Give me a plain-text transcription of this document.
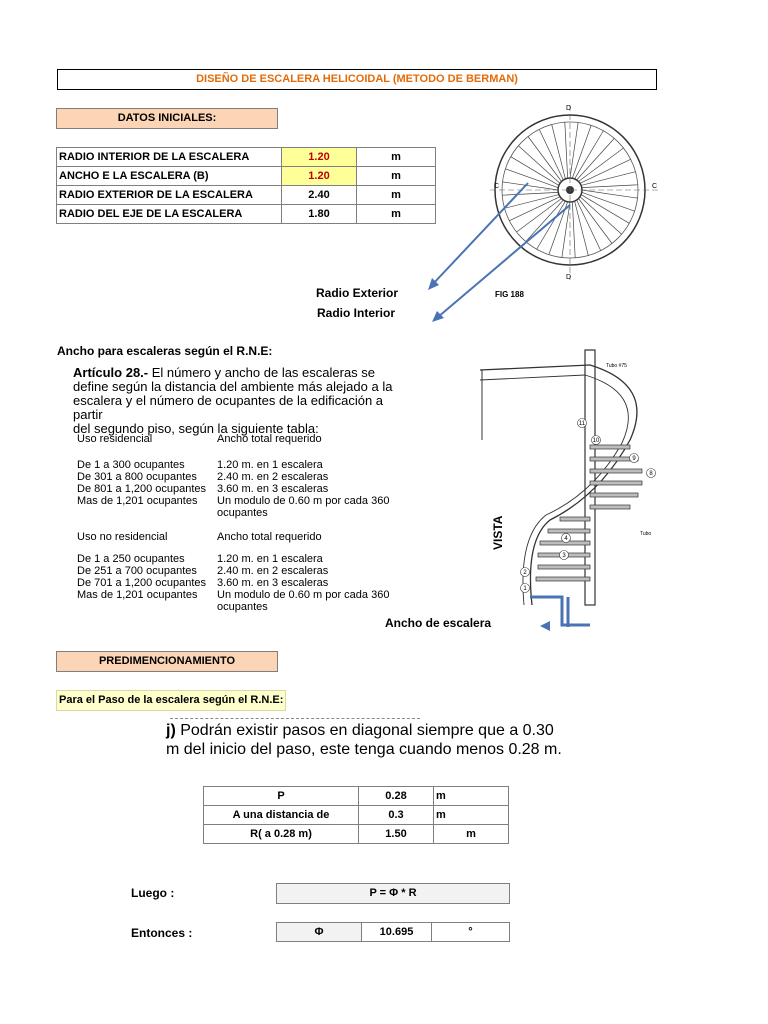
DISEÑO DE ESCALERA HELICOIDAL (METODO DE BERMAN)
DATOS INICIALES:
RADIO INTERIOR DE LA ESCALERA	1.20	m
ANCHO E LA ESCALERA (B)	1.20	m
RADIO EXTERIOR DE LA ESCALERA	2.40	m
RADIO DEL EJE DE LA ESCALERA	1.80	m
D
D
C	C
FIG 188
Radio Exterior
Radio Interior
Ancho para escaleras según el R.N.E:
Artículo 28.- El número y ancho de las escaleras se
define según la distancia del ambiente más alejado a la
escalera y el número de ocupantes de la edificación a partir
del segundo piso, según la siguiente tabla:
Uso residencial	Ancho total requerido
De 1 a 300 ocupantes	1.20 m. en 1 escalera
De 301 a 800 ocupantes	2.40 m. en 2 escaleras
De 801 a 1,200 ocupantes 3.60 m. en 3 escaleras
Mas de 1,201 ocupantes	Un modulo de 0.60 m por cada 360
ocupantes
Uso no residencial	Ancho total requerido
De 1 a 250 ocupantes	1.20 m. en 1 escalera
De 251 a 700 ocupantes	2.40 m. en 2 escaleras
De 701 a 1,200 ocupantes 3.60 m. en 3 escaleras
Mas de 1,201 ocupantes	Un modulo de 0.60 m por cada 360
ocupantes
Tubo #75
Tubo
VISTA
11
10
9
8
4
3
2
1
Ancho de escalera
PREDIMENCIONAMIENTO
Para el Paso de la escalera según el R.N.E:
j) Podrán existir pasos en diagonal siempre que a 0.30
m del inicio del paso, este tenga cuando menos 0.28 m.
P	0.28	m
A una distancia de	0.3	m
R( a 0.28 m)	1.50	m
Luego :	P = Φ * R
Entonces :	Φ	10.695	°
